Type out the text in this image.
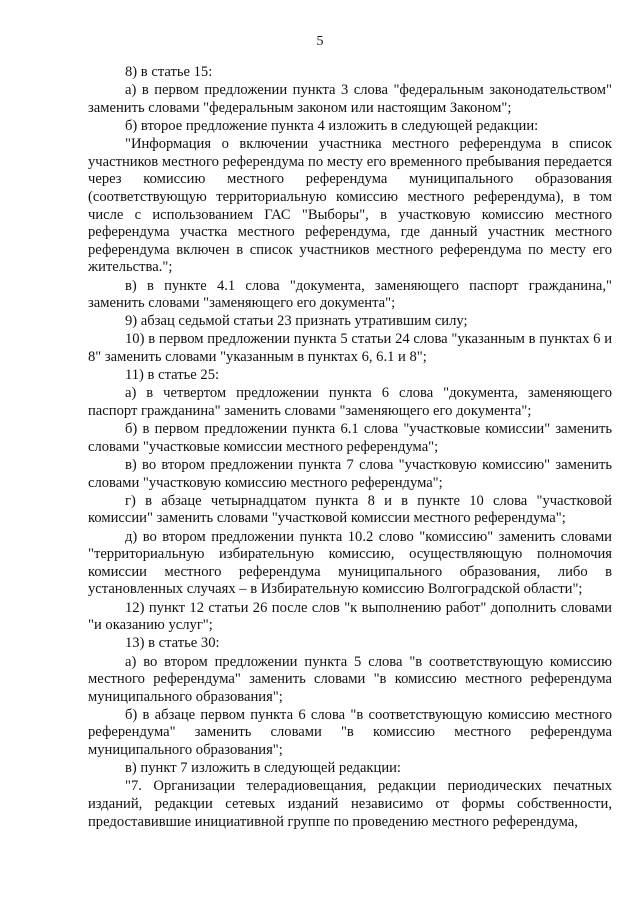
5

8) в статье 15:

а) в первом предложении пункта 3 слова "федеральным законодательством" заменить словами "федеральным законом или настоящим Законом";

б) второе предложение пункта 4 изложить в следующей редакции:

"Информация о включении участника местного референдума в список участников местного референдума по месту его временного пребывания передается через комиссию местного референдума муниципального образования (соответствующую территориальную комиссию местного референдума), в том числе с использованием ГАС "Выборы", в участковую комиссию местного референдума участка местного референдума, где данный участник местного референдума включен в список участников местного референдума по месту его жительства.";

в) в пункте 4.1 слова "документа, заменяющего паспорт гражданина," заменить словами "заменяющего его документа";

9) абзац седьмой статьи 23 признать утратившим силу;

10) в первом предложении пункта 5 статьи 24 слова "указанным в пунктах 6 и 8" заменить словами "указанным в пунктах 6, 6.1 и 8";

11) в статье 25:

а) в четвертом предложении пункта 6 слова "документа, заменяющего паспорт гражданина" заменить словами "заменяющего его документа";

б) в первом предложении пункта 6.1 слова "участковые комиссии" заменить словами "участковые комиссии местного референдума";

в) во втором предложении пункта 7 слова "участковую комиссию" заменить словами "участковую комиссию местного референдума";

г) в абзаце четырнадцатом пункта 8 и в пункте 10 слова "участковой комиссии" заменить словами "участковой комиссии местного референдума";

д) во втором предложении пункта 10.2 слово "комиссию" заменить словами "территориальную избирательную комиссию, осуществляющую полномочия комиссии местного референдума муниципального образования, либо в установленных случаях – в Избирательную комиссию Волгоградской области";

12) пункт 12 статьи 26 после слов "к выполнению работ" дополнить словами "и оказанию услуг";

13) в статье 30:

а) во втором предложении пункта 5 слова "в соответствующую комиссию местного референдума" заменить словами "в комиссию местного референдума муниципального образования";

б) в абзаце первом пункта 6 слова "в соответствующую комиссию местного референдума" заменить словами "в комиссию местного референдума муниципального образования";

в) пункт 7 изложить в следующей редакции:

"7. Организации телерадиовещания, редакции периодических печатных изданий, редакции сетевых изданий независимо от формы собственности, предоставившие инициативной группе по проведению местного референдума,
